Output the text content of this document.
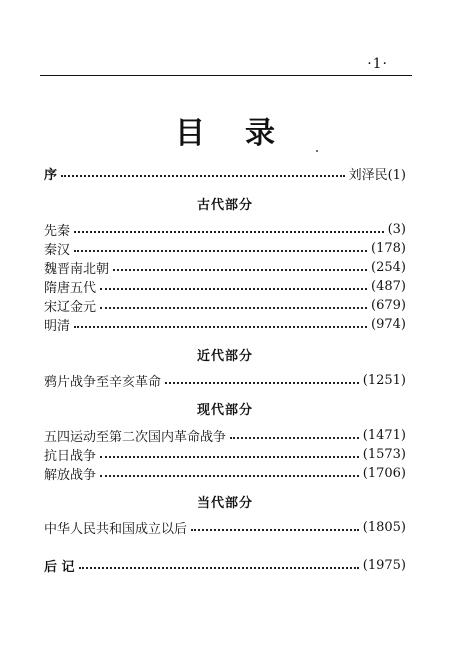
·1·
目录
序	刘泽民(1)
古代部分
先秦	(3)
秦汉	(178)
魏晋南北朝	(254)
隋唐五代	(487)
宋辽金元	(679)
明清	(974)
近代部分
鸦片战争至辛亥革命	(1251)
现代部分
五四运动至第二次国内革命战争	(1471)
抗日战争	(1573)
解放战争	(1706)
当代部分
中华人民共和国成立以后	(1805)
后 记	(1975)
